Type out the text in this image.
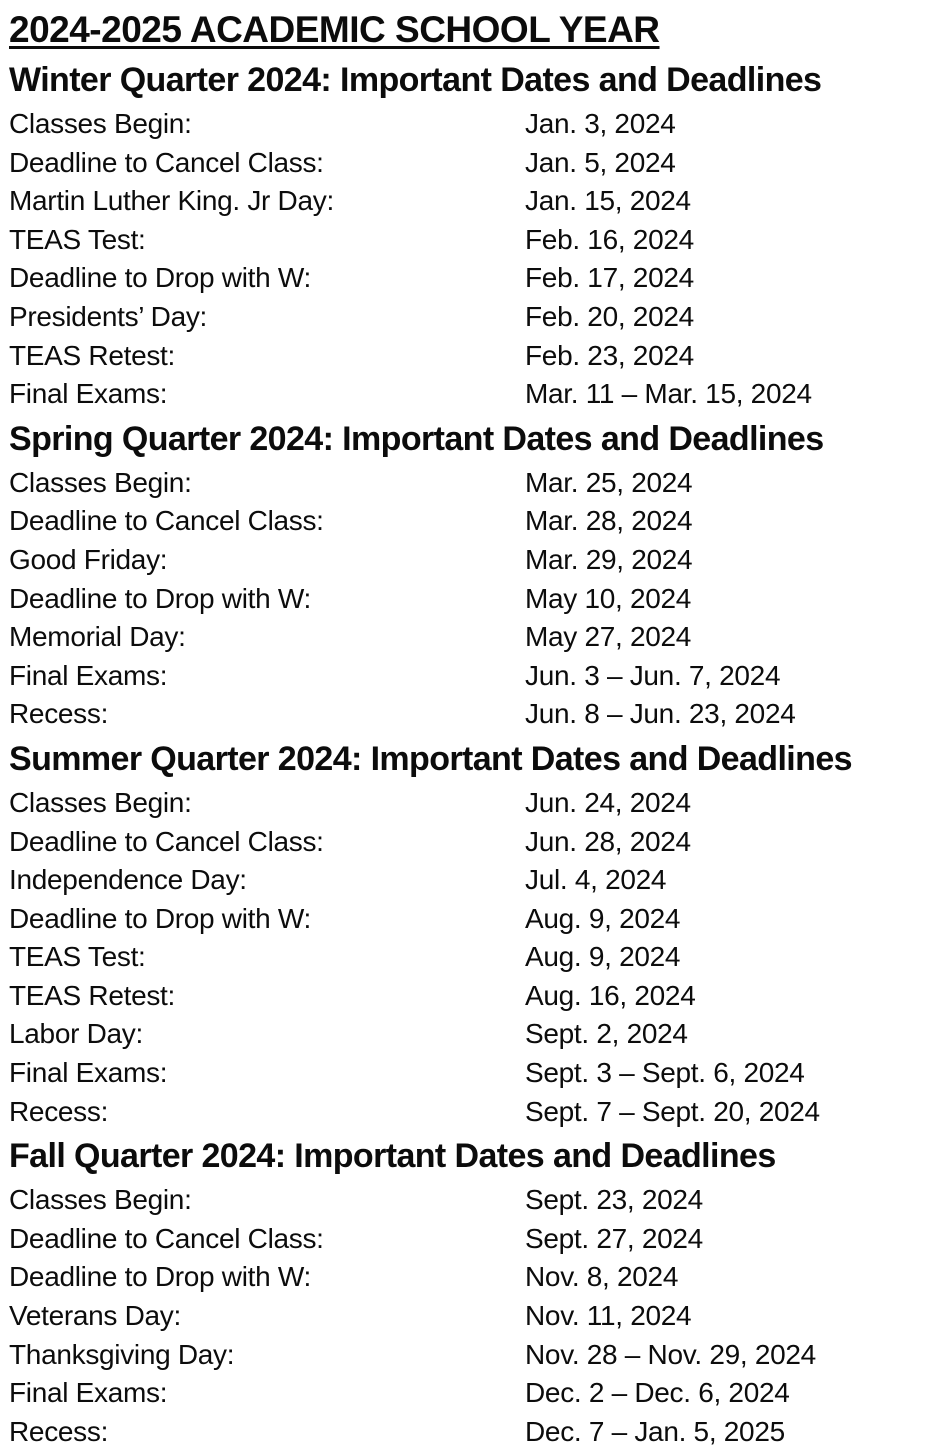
2024-2025 ACADEMIC SCHOOL YEAR
Winter Quarter 2024: Important Dates and Deadlines
Classes Begin:	Jan. 3, 2024
Deadline to Cancel Class:	Jan. 5, 2024
Martin Luther King. Jr Day:	Jan. 15, 2024
TEAS Test:	Feb. 16, 2024
Deadline to Drop with W:	Feb. 17, 2024
Presidents’ Day:	Feb. 20, 2024
TEAS Retest:	Feb. 23, 2024
Final Exams:	Mar. 11 – Mar. 15, 2024
Spring Quarter 2024: Important Dates and Deadlines
Classes Begin:	Mar. 25, 2024
Deadline to Cancel Class:	Mar. 28, 2024
Good Friday:	Mar. 29, 2024
Deadline to Drop with W:	May 10, 2024
Memorial Day:	May 27, 2024
Final Exams:	Jun. 3 – Jun. 7, 2024
Recess:	Jun. 8 – Jun. 23, 2024
Summer Quarter 2024: Important Dates and Deadlines
Classes Begin:	Jun. 24, 2024
Deadline to Cancel Class:	Jun. 28, 2024
Independence Day:	Jul. 4, 2024
Deadline to Drop with W:	Aug. 9, 2024
TEAS Test:	Aug. 9, 2024
TEAS Retest:	Aug. 16, 2024
Labor Day:	Sept. 2, 2024
Final Exams:	Sept. 3 – Sept. 6, 2024
Recess:	Sept. 7 – Sept. 20, 2024
Fall Quarter 2024: Important Dates and Deadlines
Classes Begin:	Sept. 23, 2024
Deadline to Cancel Class:	Sept. 27, 2024
Deadline to Drop with W:	Nov. 8, 2024
Veterans Day:	Nov. 11, 2024
Thanksgiving Day:	Nov. 28 – Nov. 29, 2024
Final Exams:	Dec. 2 – Dec. 6, 2024
Recess:	Dec. 7 – Jan. 5, 2025
